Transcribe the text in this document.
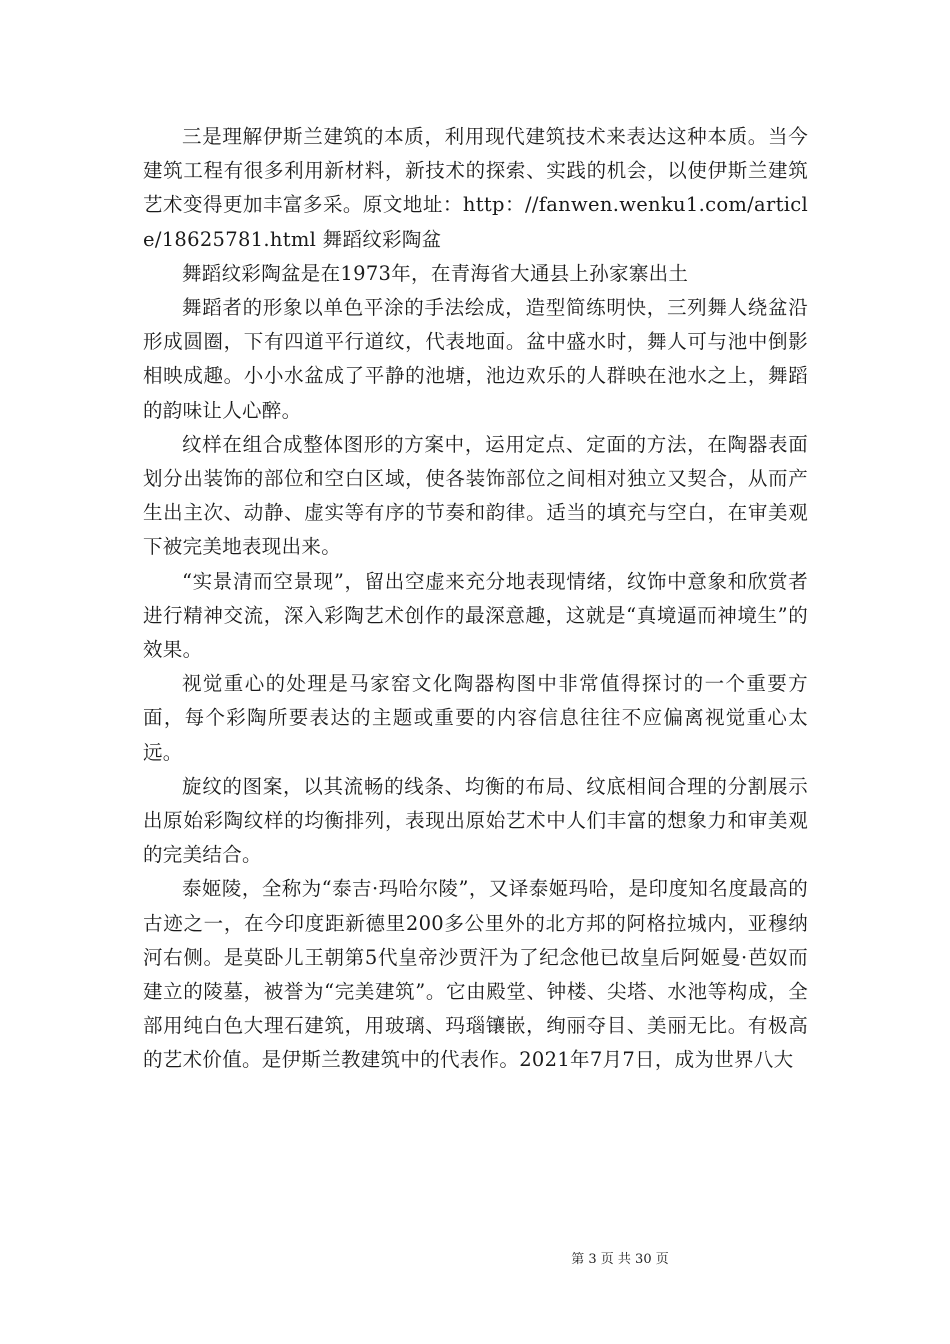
三是理解伊斯兰建筑的本质，利用现代建筑技术来表达这种本质。当今建筑工程有很多利用新材料，新技术的探索、实践的机会，以使伊斯兰建筑艺术变得更加丰富多采。原文地址：http：//fanwen.wenku1.com/article/18625781.html 舞蹈纹彩陶盆

舞蹈纹彩陶盆是在1973年，在青海省大通县上孙家寨出土

舞蹈者的形象以单色平涂的手法绘成，造型简练明快，三列舞人绕盆沿形成圆圈，下有四道平行道纹，代表地面。盆中盛水时，舞人可与池中倒影相映成趣。小小水盆成了平静的池塘，池边欢乐的人群映在池水之上，舞蹈的韵味让人心醉。

纹样在组合成整体图形的方案中，运用定点、定面的方法，在陶器表面划分出装饰的部位和空白区域，使各装饰部位之间相对独立又契合，从而产生出主次、动静、虚实等有序的节奏和韵律。适当的填充与空白，在审美观下被完美地表现出来。

“实景清而空景现”，留出空虚来充分地表现情绪，纹饰中意象和欣赏者进行精神交流，深入彩陶艺术创作的最深意趣，这就是“真境逼而神境生”的效果。

视觉重心的处理是马家窑文化陶器构图中非常值得探讨的一个重要方面，每个彩陶所要表达的主题或重要的内容信息往往不应偏离视觉重心太远。

旋纹的图案，以其流畅的线条、均衡的布局、纹底相间合理的分割展示出原始彩陶纹样的均衡排列，表现出原始艺术中人们丰富的想象力和审美观的完美结合。

泰姬陵，全称为“泰吉·玛哈尔陵”，又译泰姬玛哈，是印度知名度最高的古迹之一，在今印度距新德里200多公里外的北方邦的阿格拉城内，亚穆纳河右侧。是莫卧儿王朝第5代皇帝沙贾汗为了纪念他已故皇后阿姬曼·芭奴而建立的陵墓，被誉为“完美建筑”。它由殿堂、钟楼、尖塔、水池等构成，全部用纯白色大理石建筑，用玻璃、玛瑙镶嵌，绚丽夺目、美丽无比。有极高的艺术价值。是伊斯兰教建筑中的代表作。2021年7月7日，成为世界八大

第 3 页 共 30 页
